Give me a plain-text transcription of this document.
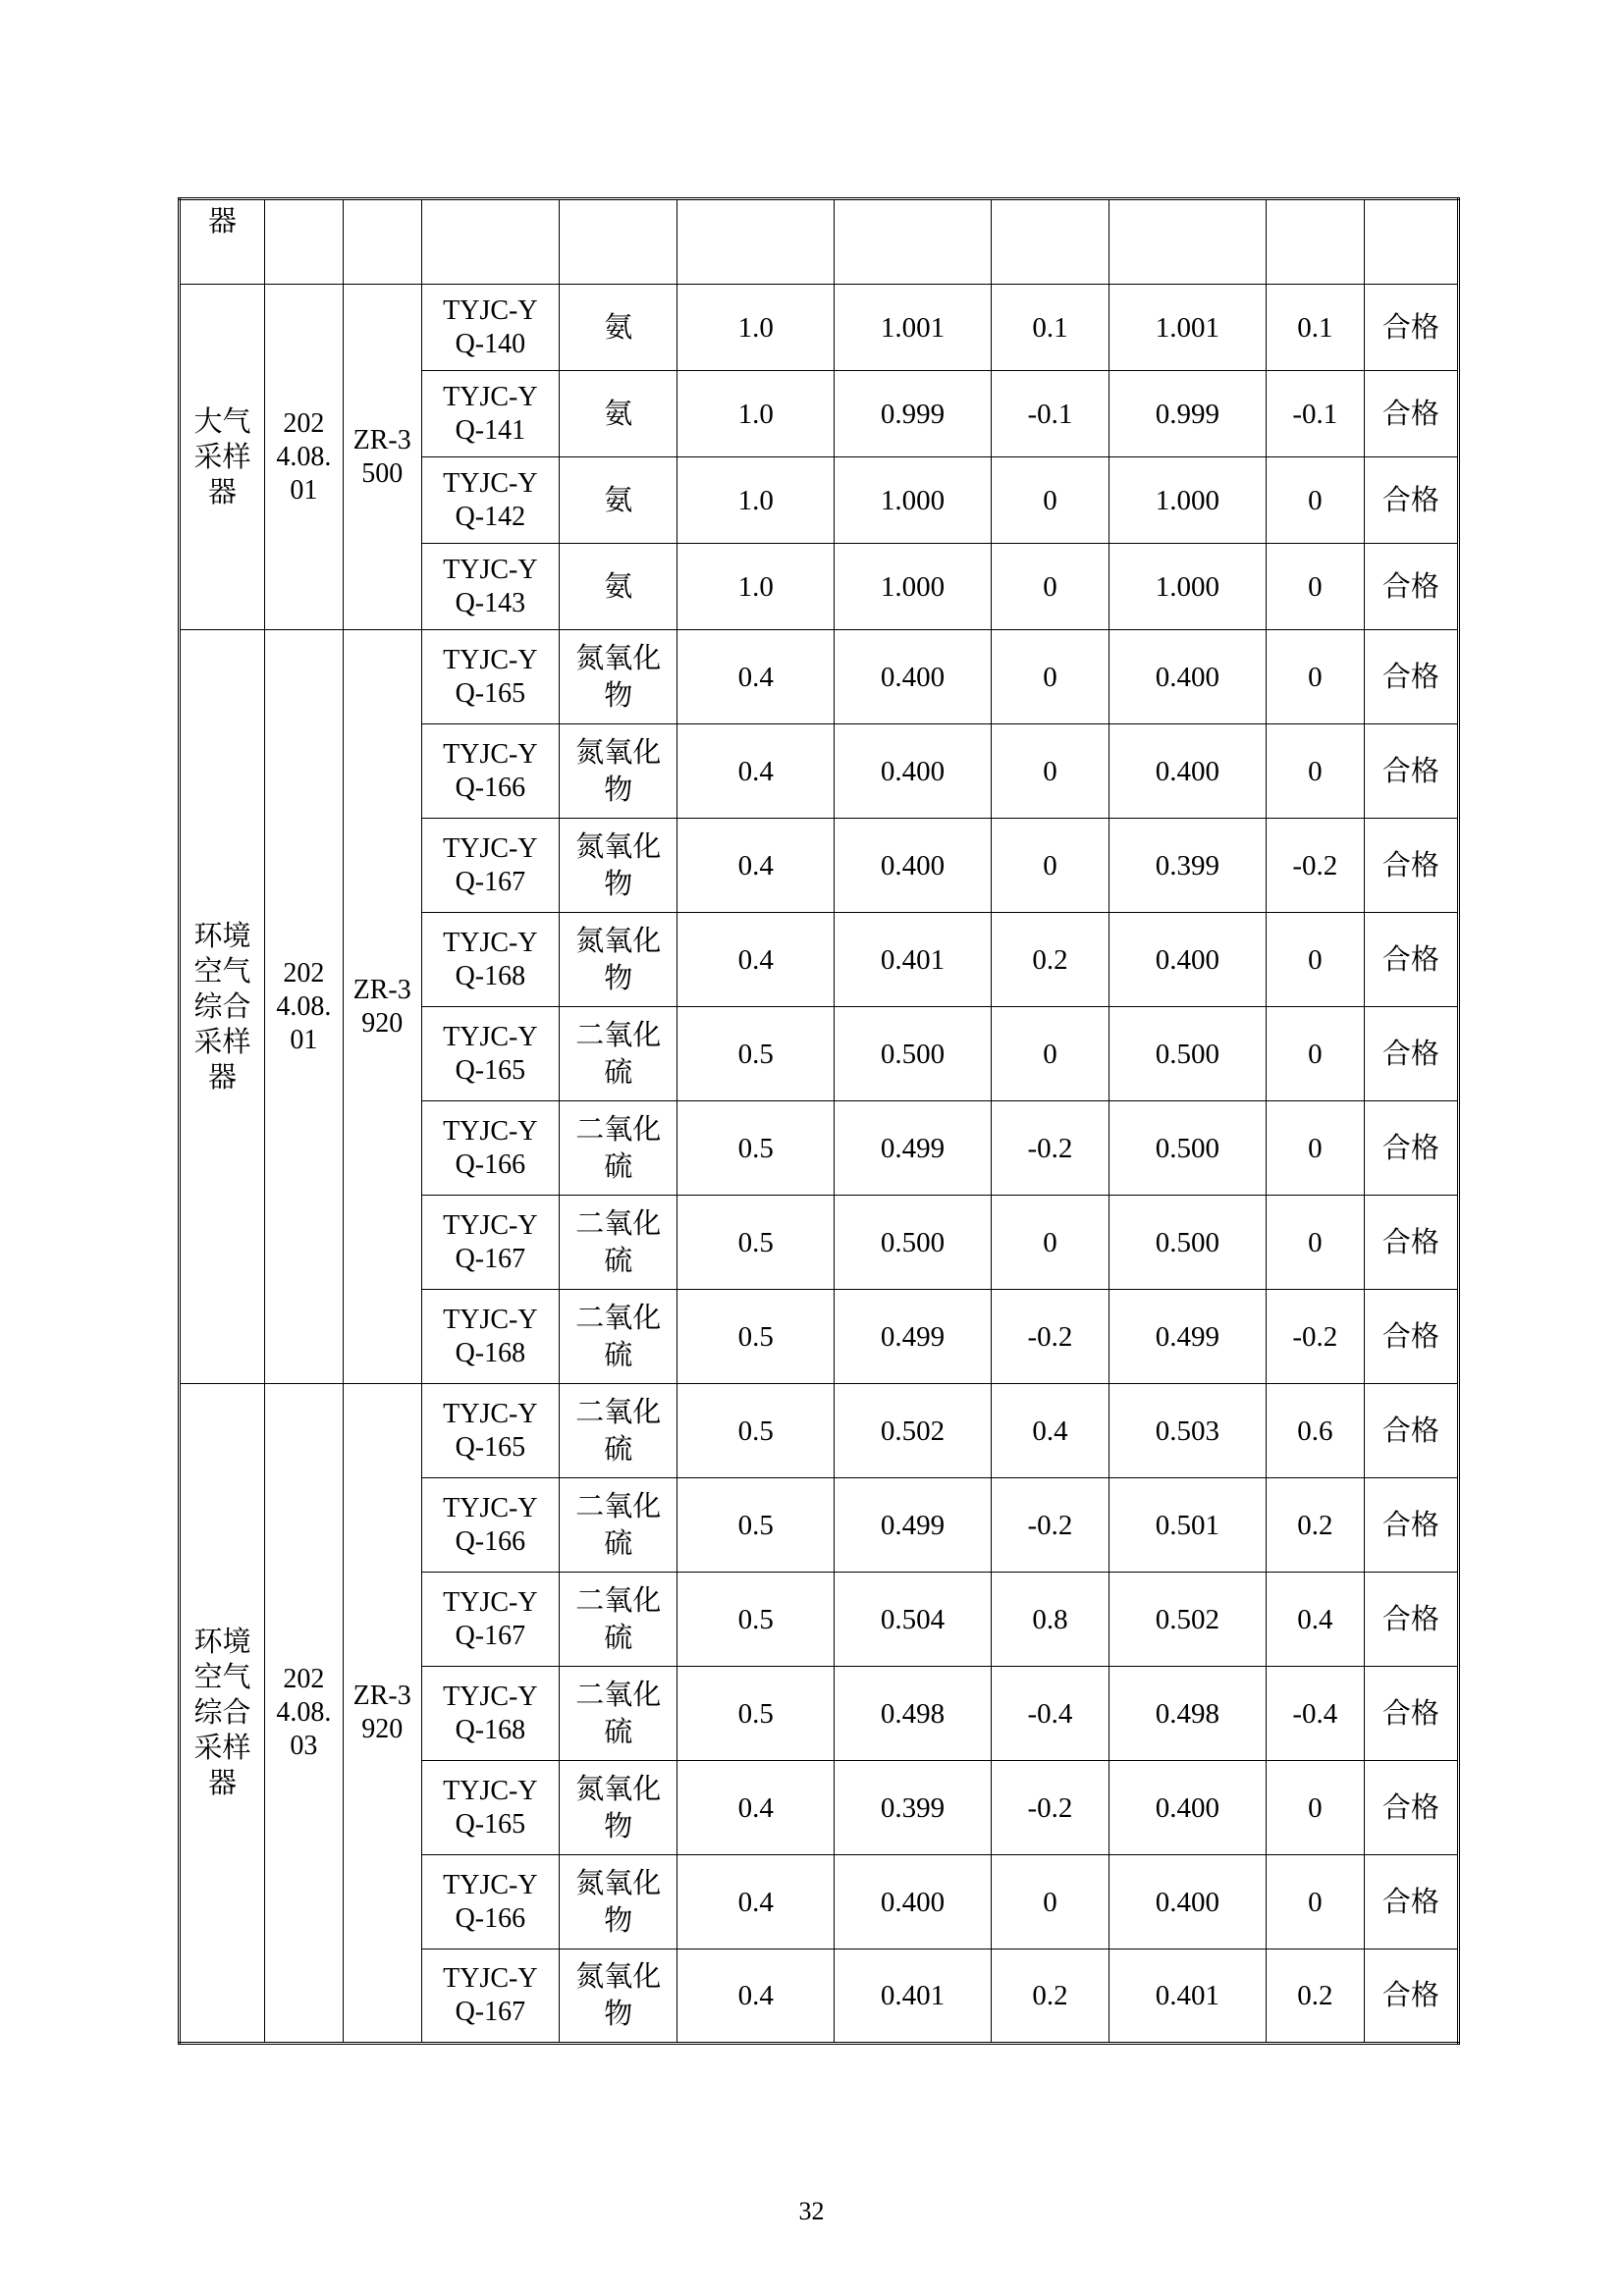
器										

大气采样器	2024.08.01	ZR-3500	TYJC-YQ-140	氨	1.0	1.001	0.1	1.001	0.1	合格

			TYJC-YQ-141	氨	1.0	0.999	-0.1	0.999	-0.1	合格

			TYJC-YQ-142	氨	1.0	1.000	0	1.000	0	合格

			TYJC-YQ-143	氨	1.0	1.000	0	1.000	0	合格

环境空气综合采样器	2024.08.01	ZR-3920	TYJC-YQ-165	氮氧化物	0.4	0.400	0	0.400	0	合格

			TYJC-YQ-166	氮氧化物	0.4	0.400	0	0.400	0	合格

			TYJC-YQ-167	氮氧化物	0.4	0.400	0	0.399	-0.2	合格

			TYJC-YQ-168	氮氧化物	0.4	0.401	0.2	0.400	0	合格

			TYJC-YQ-165	二氧化硫	0.5	0.500	0	0.500	0	合格

			TYJC-YQ-166	二氧化硫	0.5	0.499	-0.2	0.500	0	合格

			TYJC-YQ-167	二氧化硫	0.5	0.500	0	0.500	0	合格

			TYJC-YQ-168	二氧化硫	0.5	0.499	-0.2	0.499	-0.2	合格

环境空气综合采样器	2024.08.03	ZR-3920	TYJC-YQ-165	二氧化硫	0.5	0.502	0.4	0.503	0.6	合格

			TYJC-YQ-166	二氧化硫	0.5	0.499	-0.2	0.501	0.2	合格

			TYJC-YQ-167	二氧化硫	0.5	0.504	0.8	0.502	0.4	合格

			TYJC-YQ-168	二氧化硫	0.5	0.498	-0.4	0.498	-0.4	合格

			TYJC-YQ-165	氮氧化物	0.4	0.399	-0.2	0.400	0	合格

			TYJC-YQ-166	氮氧化物	0.4	0.400	0	0.400	0	合格

			TYJC-YQ-167	氮氧化物	0.4	0.401	0.2	0.401	0.2	合格
32
